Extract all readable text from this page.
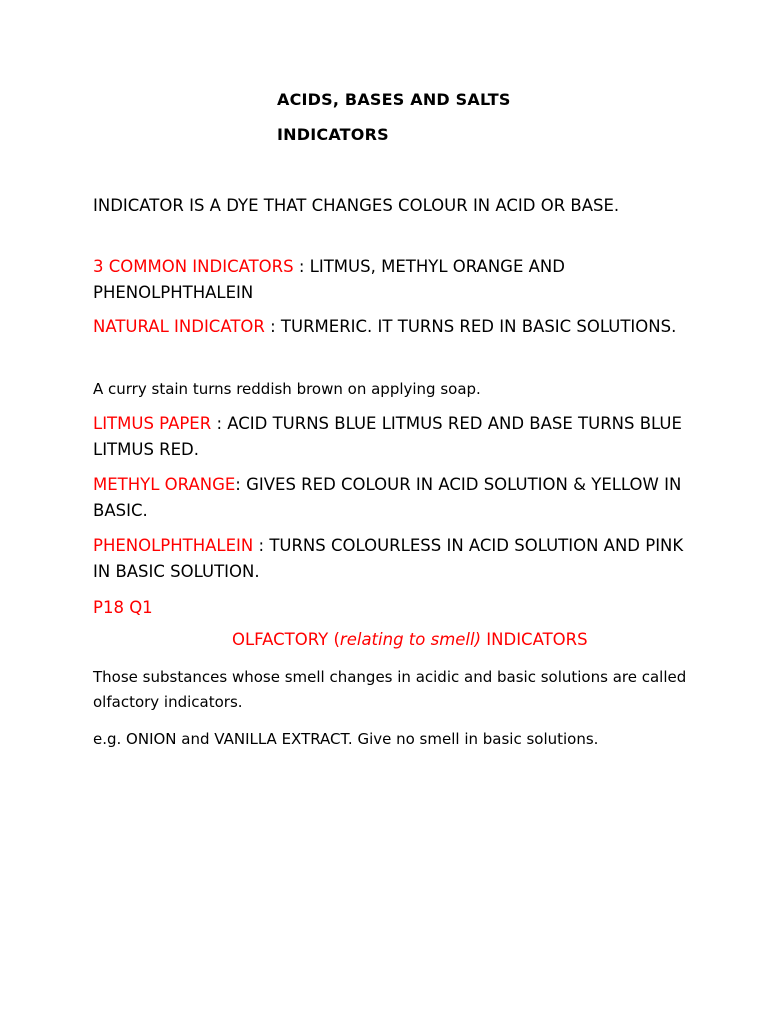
ACIDS, BASES AND SALTS
INDICATORS

INDICATOR IS A DYE THAT CHANGES COLOUR IN ACID OR BASE.

3 COMMON INDICATORS : LITMUS, METHYL ORANGE AND PHENOLPHTHALEIN

NATURAL INDICATOR : TURMERIC. IT TURNS RED IN BASIC SOLUTIONS.

A curry stain turns reddish brown on applying soap.

LITMUS PAPER : ACID TURNS BLUE LITMUS RED AND BASE TURNS BLUE LITMUS RED.

METHYL ORANGE: GIVES RED COLOUR IN ACID SOLUTION & YELLOW IN BASIC.

PHENOLPHTHALEIN : TURNS COLOURLESS IN ACID SOLUTION AND PINK IN BASIC SOLUTION.

P18 Q1

OLFACTORY (relating to smell) INDICATORS

Those substances whose smell changes in acidic and basic solutions are called olfactory indicators.

e.g. ONION and VANILLA EXTRACT. Give no smell in basic solutions.
